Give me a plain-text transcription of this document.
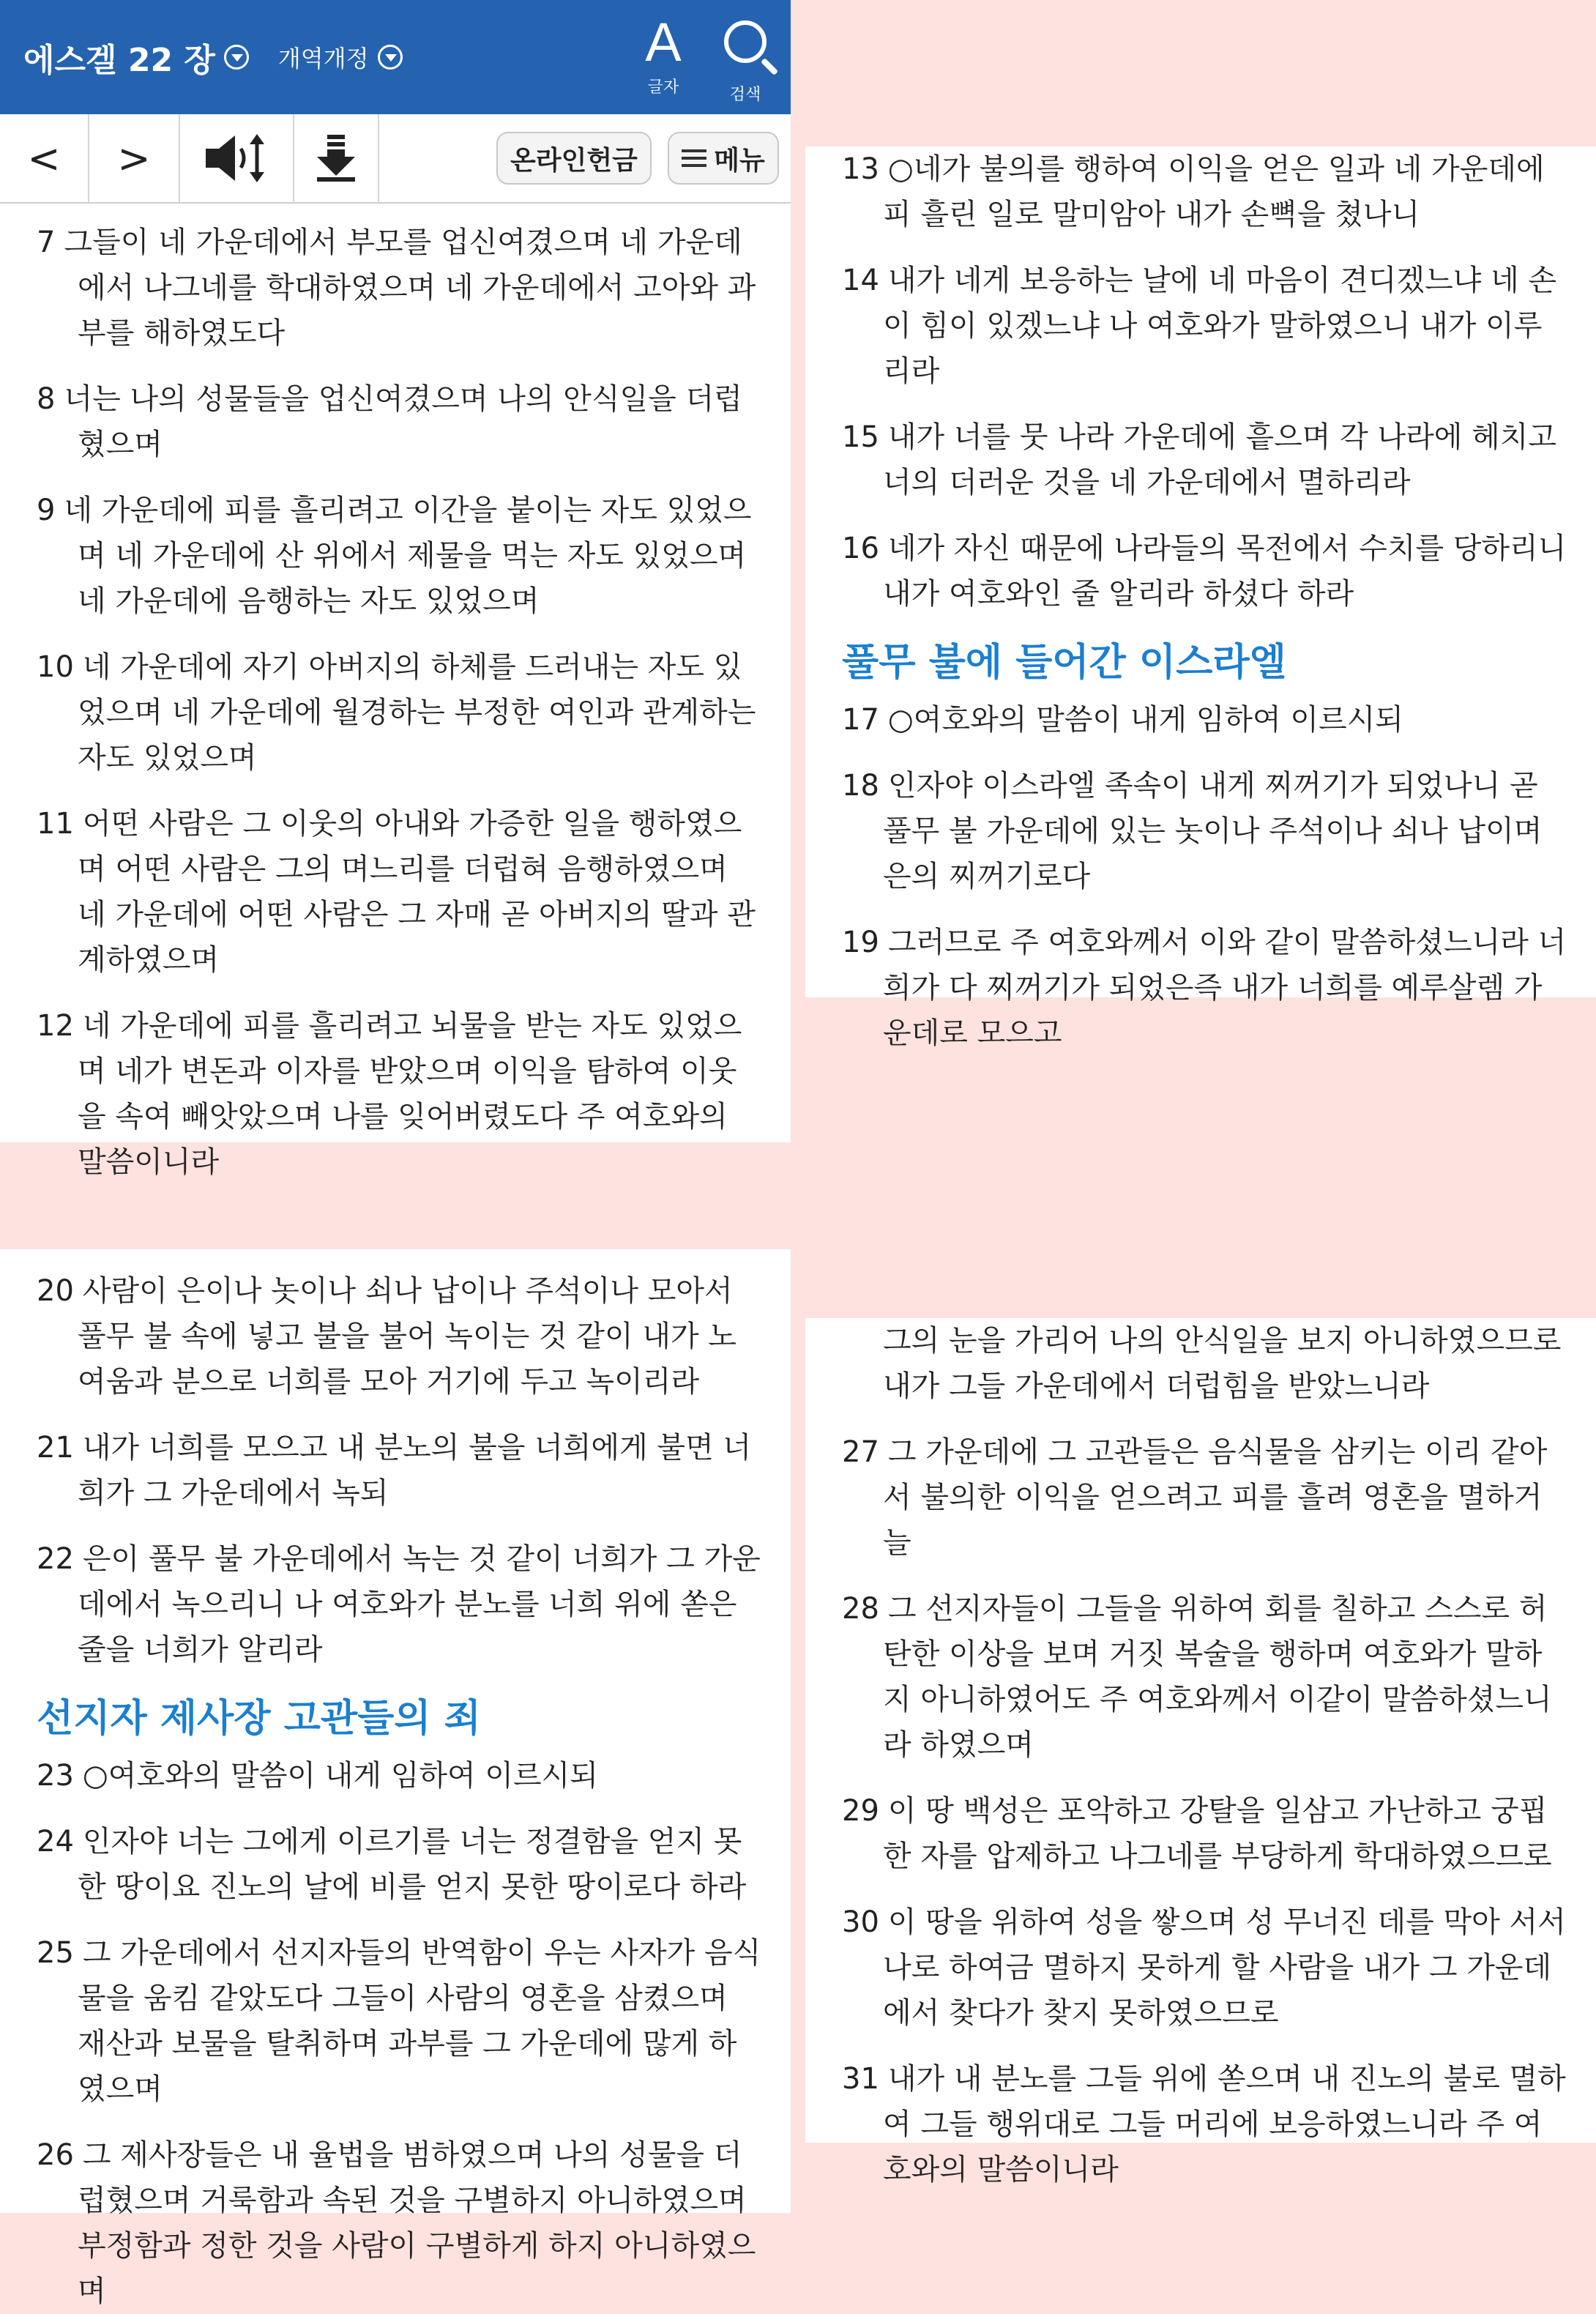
에스겔 22 장	개역개정	A
글자	검색
<	>	온라인헌금	메뉴

7 그들이 네 가운데에서 부모를 업신여겼으며 네 가운데에서 나그네를 학대하였으며 네 가운데에서 고아와 과부를 해하였도다

8 너는 나의 성물들을 업신여겼으며 나의 안식일을 더럽혔으며

9 네 가운데에 피를 흘리려고 이간을 붙이는 자도 있었으며 네 가운데에 산 위에서 제물을 먹는 자도 있었으며 네 가운데에 음행하는 자도 있었으며

10 네 가운데에 자기 아버지의 하체를 드러내는 자도 있었으며 네 가운데에 월경하는 부정한 여인과 관계하는 자도 있었으며

11 어떤 사람은 그 이웃의 아내와 가증한 일을 행하였으며 어떤 사람은 그의 며느리를 더럽혀 음행하였으며 네 가운데에 어떤 사람은 그 자매 곧 아버지의 딸과 관계하였으며

12 네 가운데에 피를 흘리려고 뇌물을 받는 자도 있었으며 네가 변돈과 이자를 받았으며 이익을 탐하여 이웃을 속여 빼앗았으며 나를 잊어버렸도다 주 여호와의 말씀이니라

13 ○네가 불의를 행하여 이익을 얻은 일과 네 가운데에 피 흘린 일로 말미암아 내가 손뼉을 쳤나니

14 내가 네게 보응하는 날에 네 마음이 견디겠느냐 네 손이 힘이 있겠느냐 나 여호와가 말하였으니 내가 이루리라

15 내가 너를 뭇 나라 가운데에 흩으며 각 나라에 헤치고 너의 더러운 것을 네 가운데에서 멸하리라

16 네가 자신 때문에 나라들의 목전에서 수치를 당하리니 내가 여호와인 줄 알리라 하셨다 하라

풀무 불에 들어간 이스라엘

17 ○여호와의 말씀이 내게 임하여 이르시되

18 인자야 이스라엘 족속이 내게 찌꺼기가 되었나니 곧 풀무 불 가운데에 있는 놋이나 주석이나 쇠나 납이며 은의 찌꺼기로다

19 그러므로 주 여호와께서 이와 같이 말씀하셨느니라 너희가 다 찌꺼기가 되었은즉 내가 너희를 예루살렘 가운데로 모으고

20 사람이 은이나 놋이나 쇠나 납이나 주석이나 모아서 풀무 불 속에 넣고 불을 불어 녹이는 것 같이 내가 노여움과 분으로 너희를 모아 거기에 두고 녹이리라

21 내가 너희를 모으고 내 분노의 불을 너희에게 불면 너희가 그 가운데에서 녹되

22 은이 풀무 불 가운데에서 녹는 것 같이 너희가 그 가운데에서 녹으리니 나 여호와가 분노를 너희 위에 쏟은 줄을 너희가 알리라

선지자 제사장 고관들의 죄

23 ○여호와의 말씀이 내게 임하여 이르시되

24 인자야 너는 그에게 이르기를 너는 정결함을 얻지 못한 땅이요 진노의 날에 비를 얻지 못한 땅이로다 하라

25 그 가운데에서 선지자들의 반역함이 우는 사자가 음식물을 움킴 같았도다 그들이 사람의 영혼을 삼켰으며 재산과 보물을 탈취하며 과부를 그 가운데에 많게 하였으며

26 그 제사장들은 내 율법을 범하였으며 나의 성물을 더럽혔으며 거룩함과 속된 것을 구별하지 아니하였으며 부정함과 정한 것을 사람이 구별하게 하지 아니하였으며

그의 눈을 가리어 나의 안식일을 보지 아니하였으므로 내가 그들 가운데에서 더럽힘을 받았느니라

27 그 가운데에 그 고관들은 음식물을 삼키는 이리 같아서 불의한 이익을 얻으려고 피를 흘려 영혼을 멸하거늘

28 그 선지자들이 그들을 위하여 회를 칠하고 스스로 허탄한 이상을 보며 거짓 복술을 행하며 여호와가 말하지 아니하였어도 주 여호와께서 이같이 말씀하셨느니라 하였으며

29 이 땅 백성은 포악하고 강탈을 일삼고 가난하고 궁핍한 자를 압제하고 나그네를 부당하게 학대하였으므로

30 이 땅을 위하여 성을 쌓으며 성 무너진 데를 막아 서서 나로 하여금 멸하지 못하게 할 사람을 내가 그 가운데에서 찾다가 찾지 못하였으므로

31 내가 내 분노를 그들 위에 쏟으며 내 진노의 불로 멸하여 그들 행위대로 그들 머리에 보응하였느니라 주 여호와의 말씀이니라
